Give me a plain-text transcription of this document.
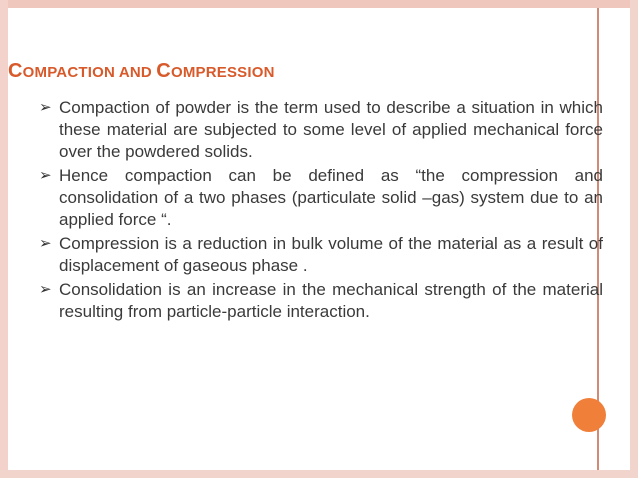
COMPACTION AND COMPRESSION
➢ Compaction of powder is the term used to describe a situation in which these material are subjected to some level of applied mechanical force over the powdered solids.
➢ Hence compaction can be defined as “the compression and consolidation of a two phases (particulate solid –gas) system due to an applied force “.
➢ Compression is a reduction in bulk volume of the material as a result of displacement of gaseous phase .
➢ Consolidation is an increase in the mechanical strength of the material resulting from particle-particle interaction.
